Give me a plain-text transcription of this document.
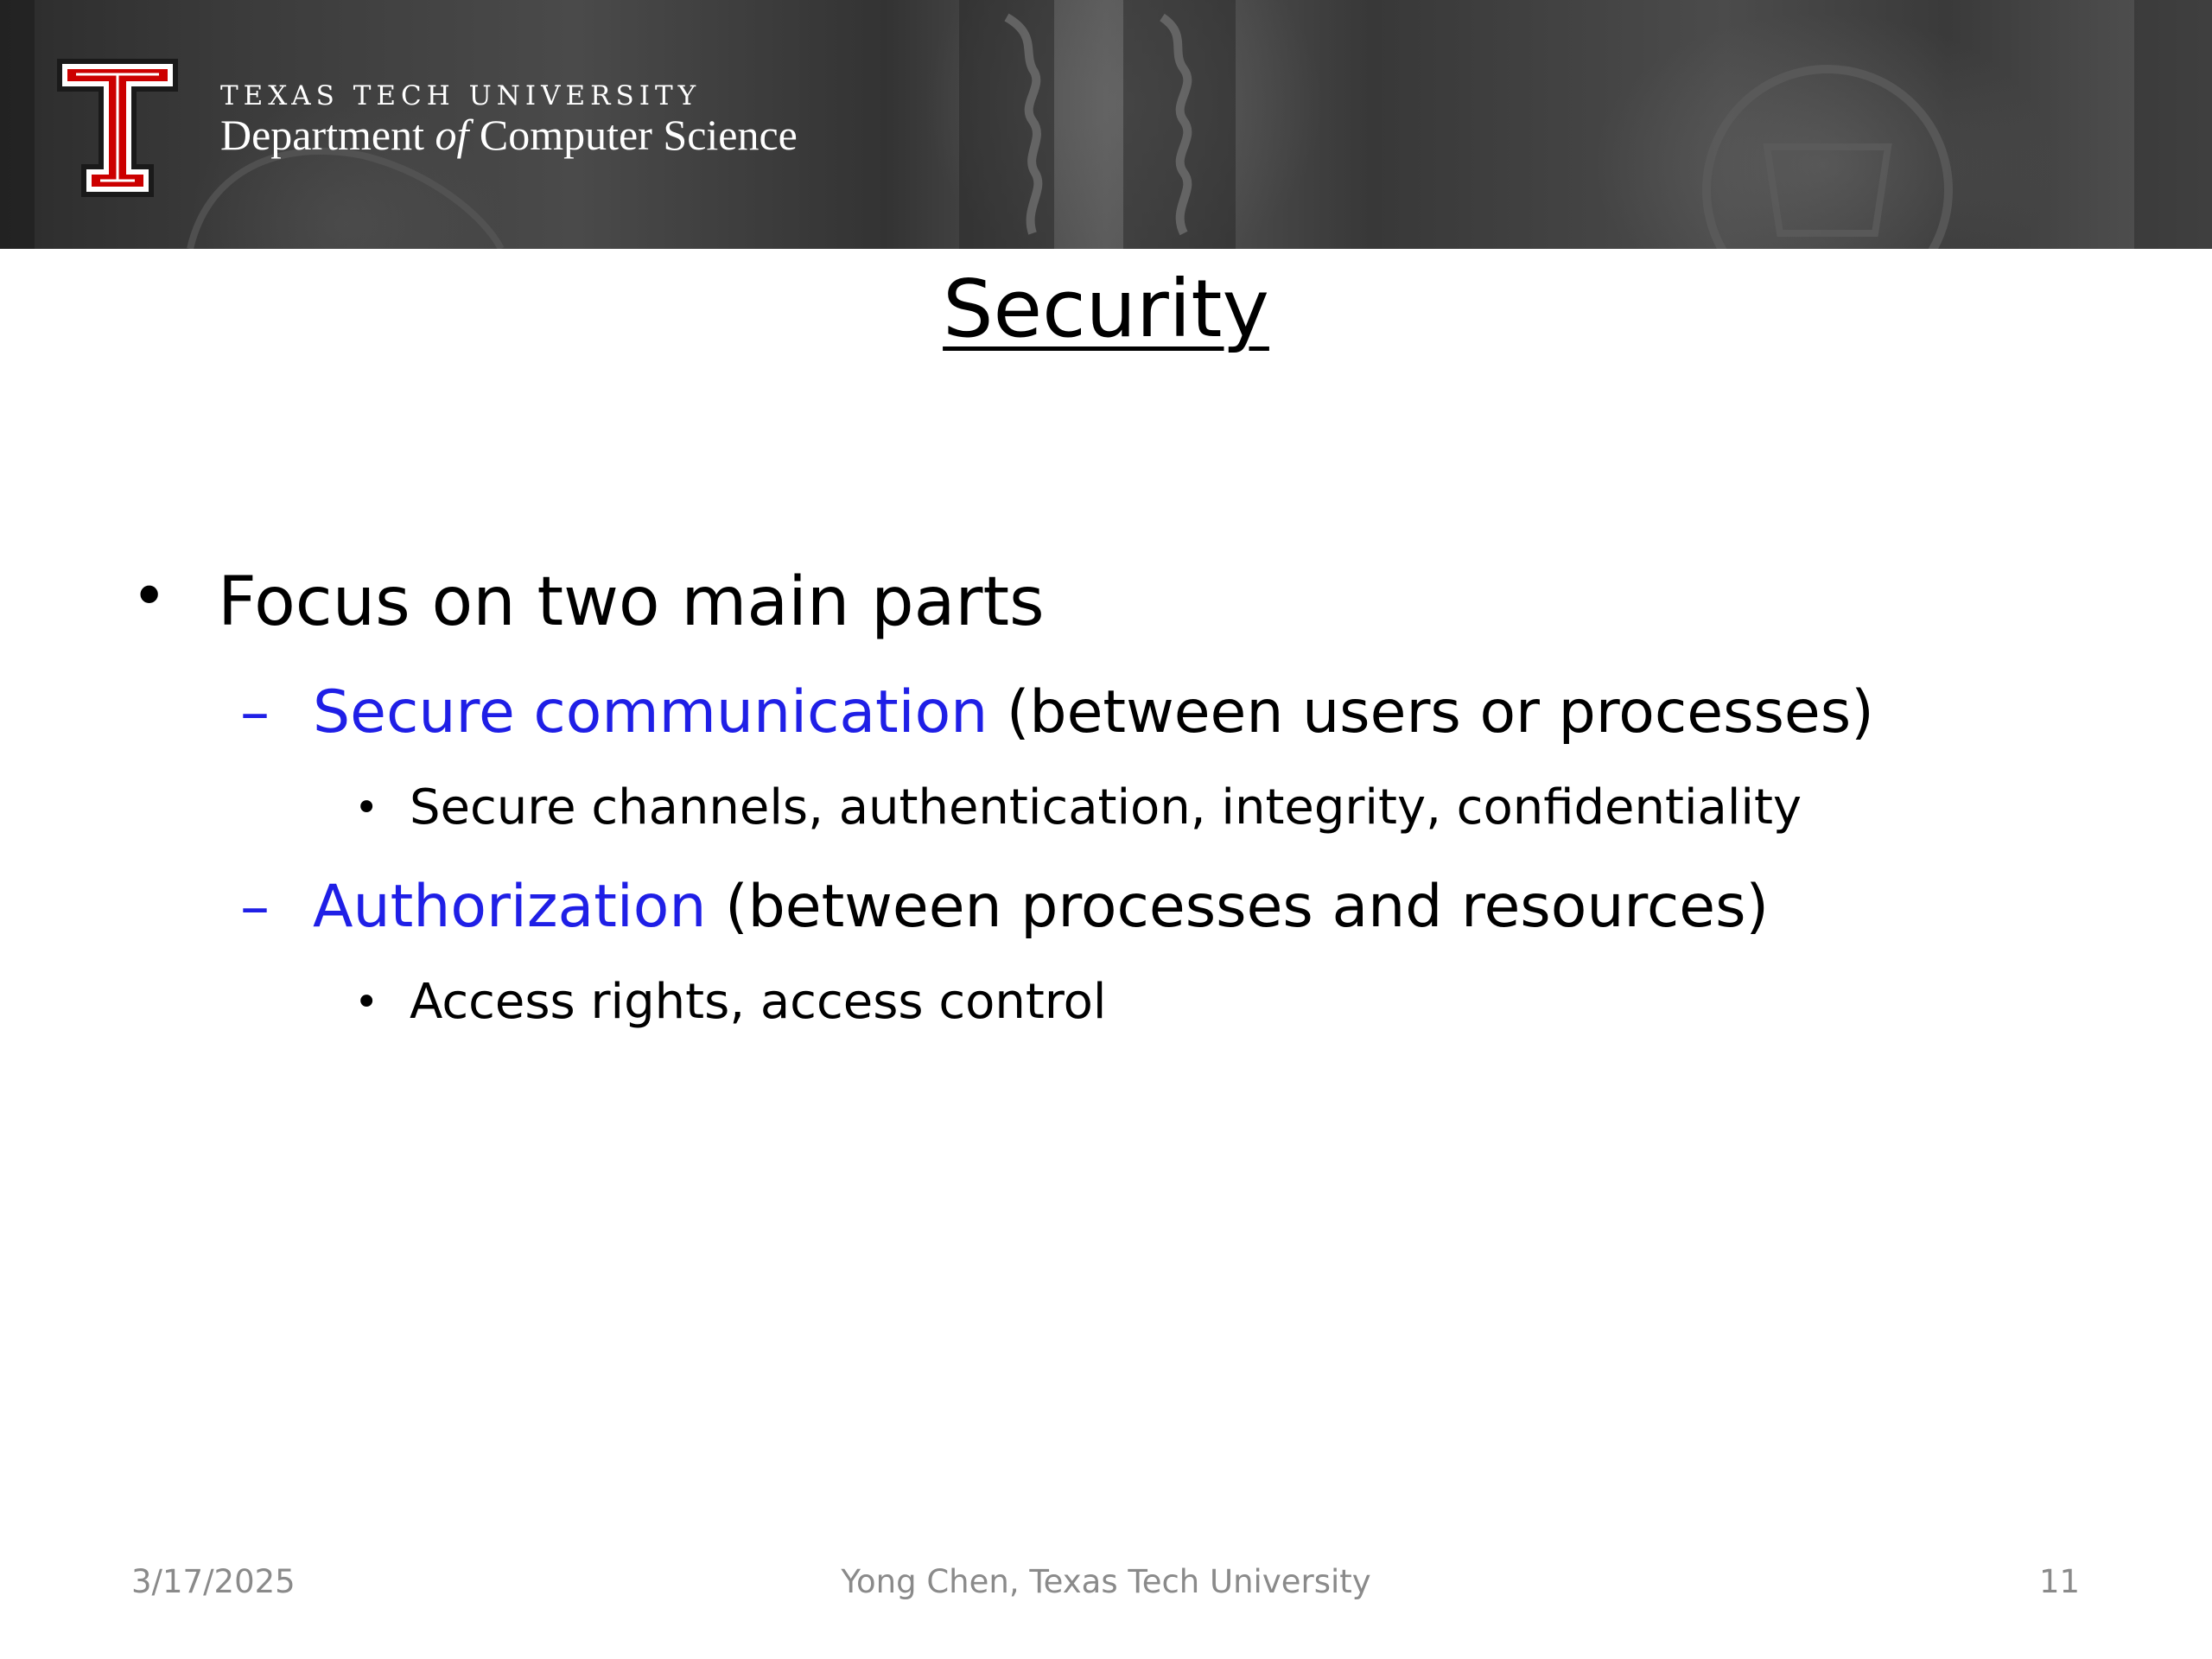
TEXAS TECH UNIVERSITY
Department of Computer Science
Security
• Focus on two main parts
– Secure communication (between users or processes)
• Secure channels, authentication, integrity, confidentiality
– Authorization (between processes and resources)
• Access rights, access control
3/17/2025	Yong Chen, Texas Tech University	11
